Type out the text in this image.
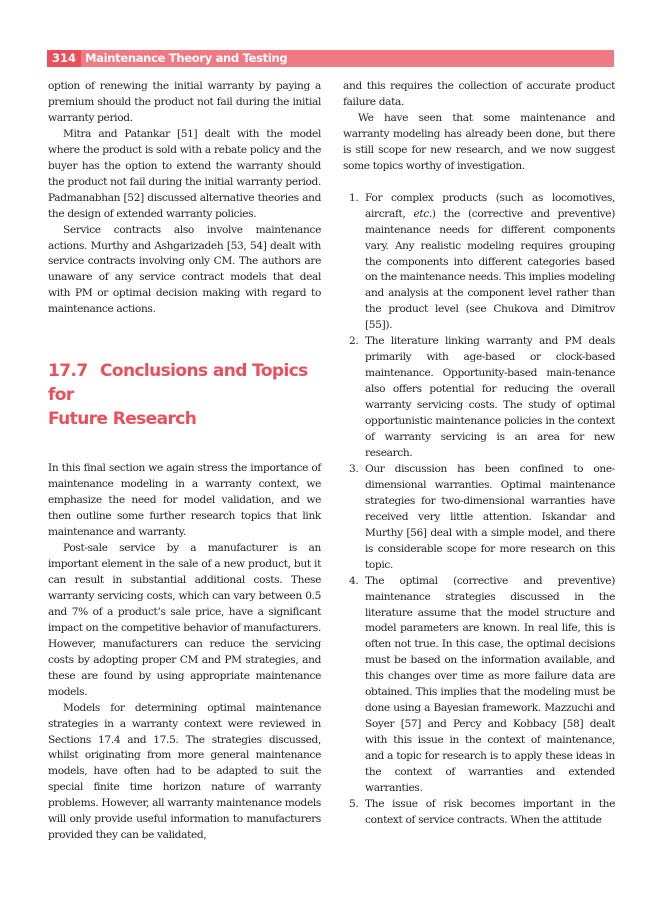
314 Maintenance Theory and Testing

option of renewing the initial warranty by paying a premium should the product not fail during the initial warranty period.

Mitra and Patankar [51] dealt with the model where the product is sold with a rebate policy and the buyer has the option to extend the warranty should the product not fail during the initial warranty period. Padmanabhan [52] discussed alternative theories and the design of extended warranty policies.

Service contracts also involve maintenance actions. Murthy and Ashgarizadeh [53, 54] dealt with service contracts involving only CM. The authors are unaware of any service contract models that deal with PM or optimal decision making with regard to maintenance actions.

17.7 Conclusions and Topics for
Future Research

In this final section we again stress the importance of maintenance modeling in a warranty context, we emphasize the need for model validation, and we then outline some further research topics that link maintenance and warranty.

Post-sale service by a manufacturer is an important element in the sale of a new product, but it can result in substantial additional costs. These warranty servicing costs, which can vary between 0.5 and 7% of a product’s sale price, have a significant impact on the competitive behavior of manufacturers. However, manufacturers can reduce the servicing costs by adopting proper CM and PM strategies, and these are found by using appropriate maintenance models.

Models for determining optimal maintenance strategies in a warranty context were reviewed in Sections 17.4 and 17.5. The strategies discussed, whilst originating from more general maintenance models, have often had to be adapted to suit the special finite time horizon nature of warranty problems. However, all warranty maintenance models will only provide useful information to manufacturers provided they can be validated,

and this requires the collection of accurate product failure data.

We have seen that some maintenance and warranty modeling has already been done, but there is still scope for new research, and we now suggest some topics worthy of investigation.

1. For complex products (such as locomotives, aircraft, etc.) the (corrective and preventive) maintenance needs for different components vary. Any realistic modeling requires grouping the components into different categories based on the maintenance needs. This implies modeling and analysis at the component level rather than the product level (see Chukova and Dimitrov [55]).
2. The literature linking warranty and PM deals primarily with age-based or clock-based maintenance. Opportunity-based main-tenance also offers potential for reducing the overall warranty servicing costs. The study of optimal opportunistic maintenance policies in the context of warranty servicing is an area for new research.
3. Our discussion has been confined to one-dimensional warranties. Optimal maintenance strategies for two-dimensional warranties have received very little attention. Iskandar and Murthy [56] deal with a simple model, and there is considerable scope for more research on this topic.
4. The optimal (corrective and preventive) maintenance strategies discussed in the literature assume that the model structure and model parameters are known. In real life, this is often not true. In this case, the optimal decisions must be based on the information available, and this changes over time as more failure data are obtained. This implies that the modeling must be done using a Bayesian framework. Mazzuchi and Soyer [57] and Percy and Kobbacy [58] dealt with this issue in the context of maintenance, and a topic for research is to apply these ideas in the context of warranties and extended warranties.
5. The issue of risk becomes important in the context of service contracts. When the attitude
